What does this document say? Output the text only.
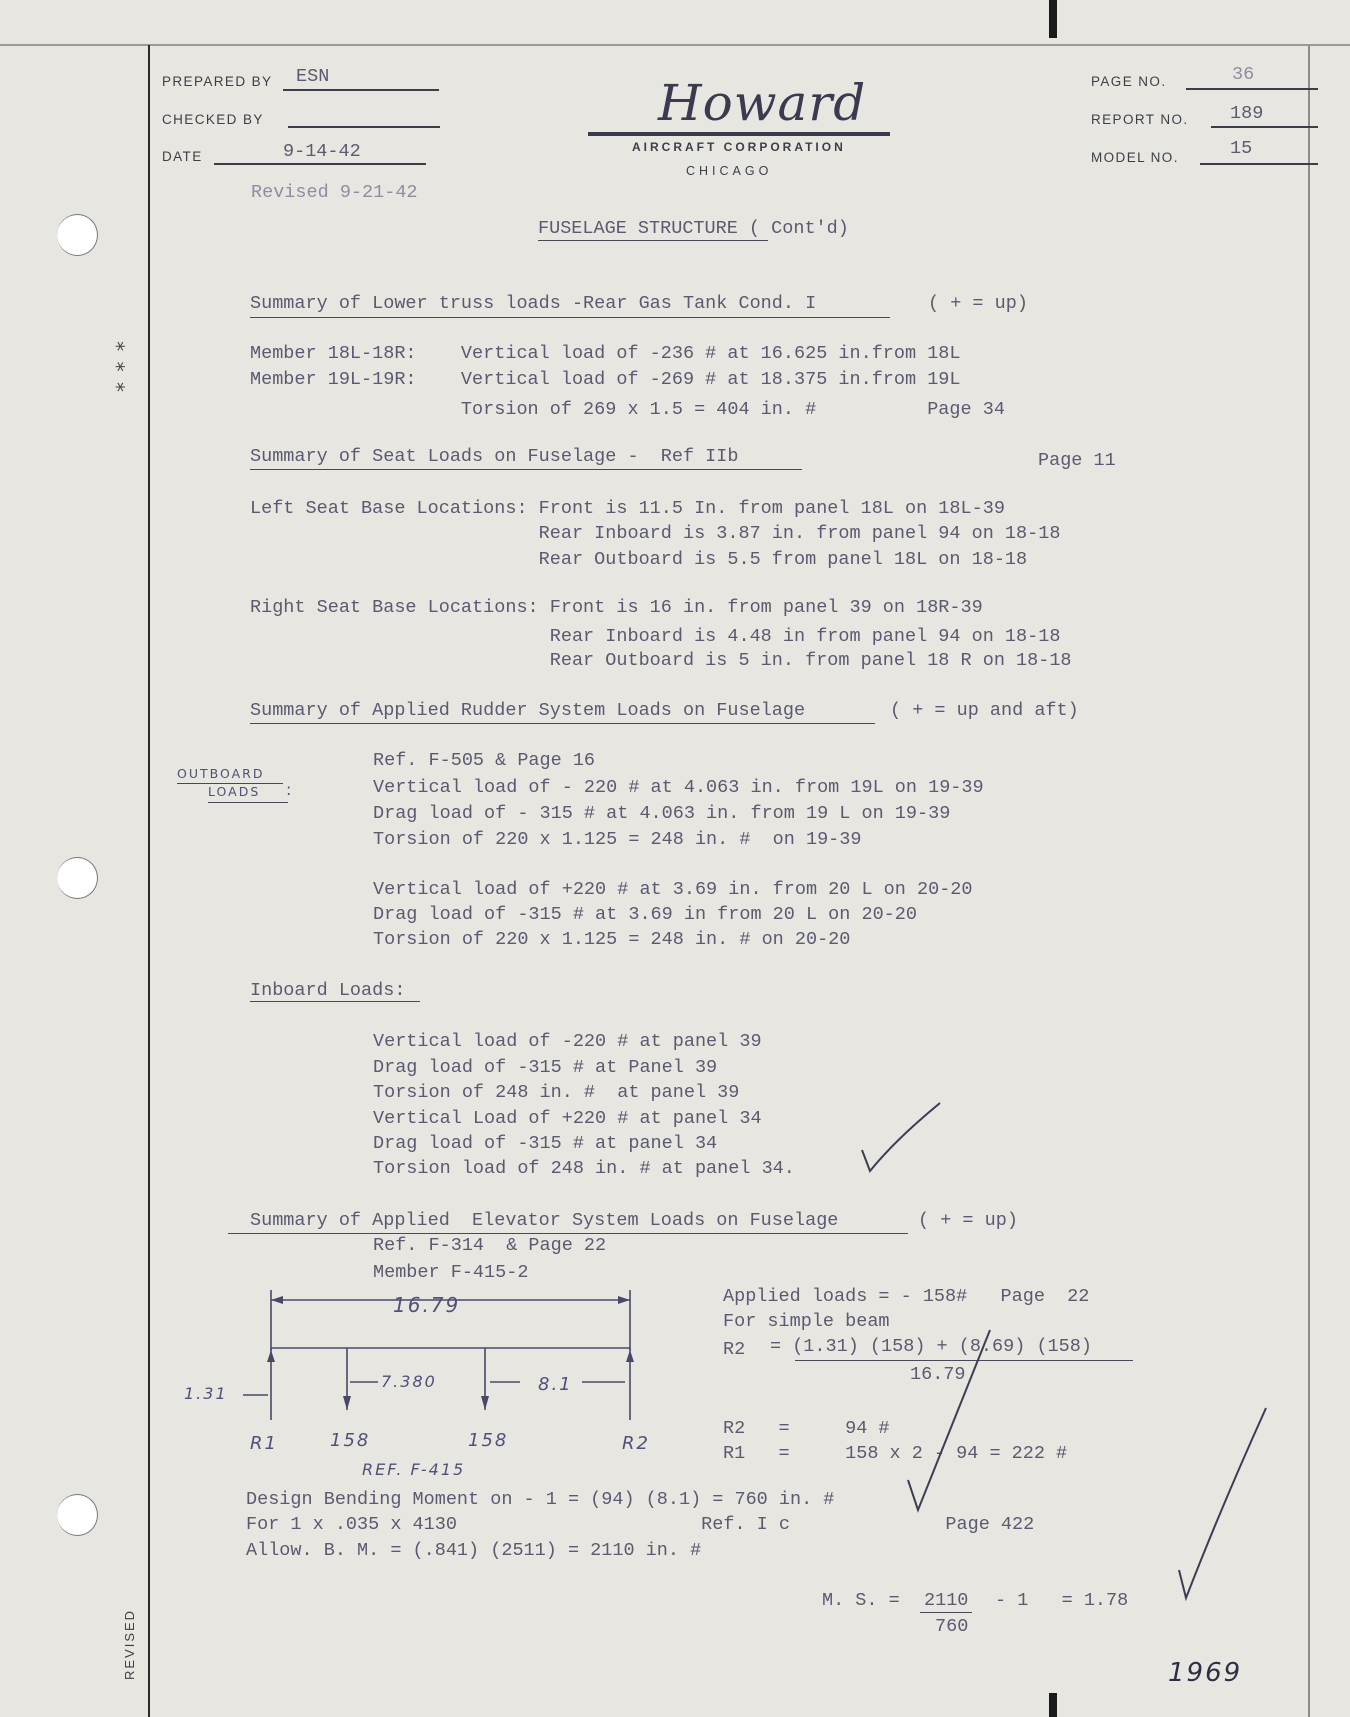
* * *
REVISED
PREPARED BY ESN
CHECKED BY
DATE	9-14-42
Revised 9-21-42
Howard
AIRCRAFT CORPORATION
CHICAGO
PAGE NO.	36
REPORT NO. 189
MODEL NO.	15
FUSELAGE STRUCTURE ( Cont'd)
Summary of Lower truss loads -Rear Gas Tank Cond. I	( + = up)
Member 18L-18R:    Vertical load of -236 # at 16.625 in.from 18L
Member 19L-19R:    Vertical load of -269 # at 18.375 in.from 19L
Torsion of 269 x 1.5 = 404 in. #          Page 34
Summary of Seat Loads on Fuselage -  Ref IIb	Page 11
Left Seat Base Locations: Front is 11.5 In. from panel 18L on 18L-39
Rear Inboard is 3.87 in. from panel 94 on 18-18
Rear Outboard is 5.5 from panel 18L on 18-18
Right Seat Base Locations: Front is 16 in. from panel 39 on 18R-39
Rear Inboard is 4.48 in from panel 94 on 18-18
Rear Outboard is 5 in. from panel 18 R on 18-18
Summary of Applied Rudder System Loads on Fuselage	( + = up and aft)
OUTBOARD
LOADS :
Ref. F-505 & Page 16
Vertical load of - 220 # at 4.063 in. from 19L on 19-39
Drag load of - 315 # at 4.063 in. from 19 L on 19-39
Torsion of 220 x 1.125 = 248 in. #  on 19-39
Vertical load of +220 # at 3.69 in. from 20 L on 20-20
Drag load of -315 # at 3.69 in from 20 L on 20-20
Torsion of 220 x 1.125 = 248 in. # on 20-20
Inboard Loads:
Vertical load of -220 # at panel 39
Drag load of -315 # at Panel 39
Torsion of 248 in. #  at panel 39
Vertical Load of +220 # at panel 34
Drag load of -315 # at panel 34
Torsion load of 248 in. # at panel 34.
Summary of Applied  Elevator System Loads on Fuselage	( + = up)
Ref. F-314  & Page 22
Member F-415-2
16.79
1.31
7.380	8.1
R1	158	158	R2
REF. F-415
Applied loads = - 158#   Page  22
For simple beam
R2 = (1.31) (158) + (8.69) (158)
16.79
R2   =     94 #
R1   =     158 x 2 - 94 = 222 #
Design Bending Moment on - 1 = (94) (8.1) = 760 in. #
For 1 x .035 x 4130                      Ref. I c              Page 422
Allow. B. M. = (.841) (2511) = 2110 in. #
M. S. = 2110
760
- 1   = 1.78
1969
